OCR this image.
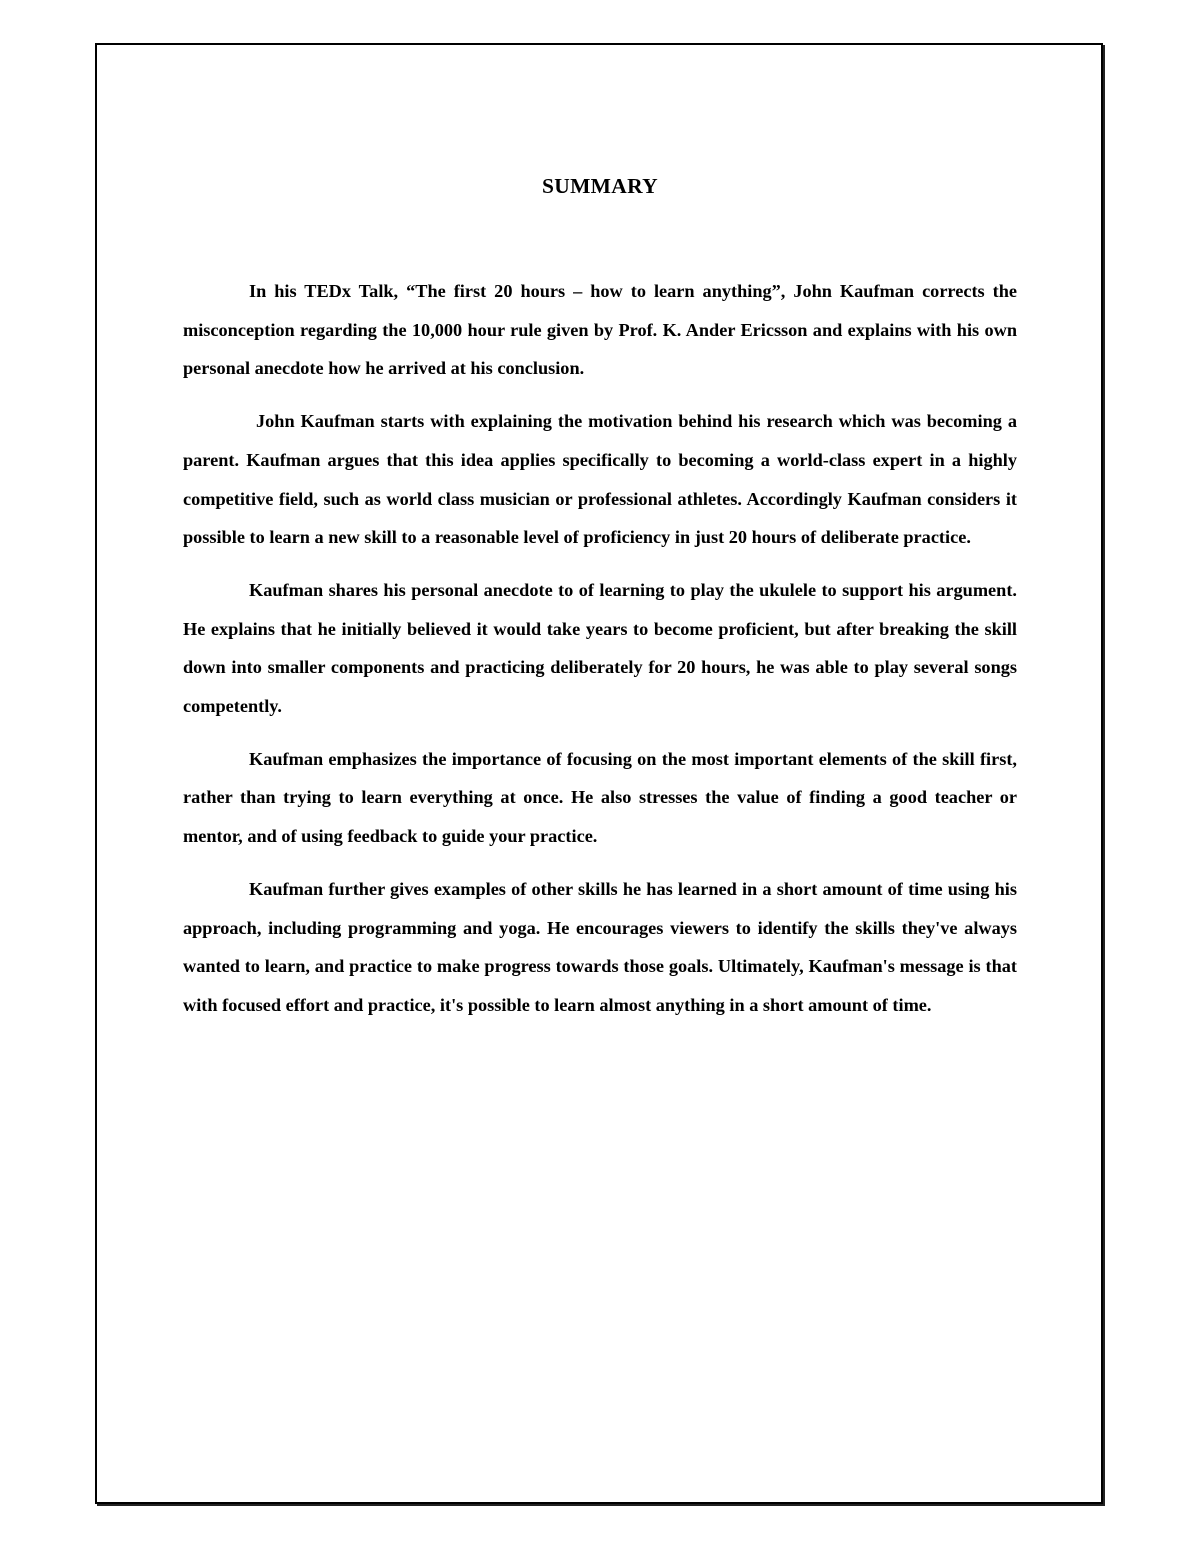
SUMMARY

In his TEDx Talk, “The first 20 hours – how to learn anything”, John Kaufman corrects the misconception regarding the 10,000 hour rule given by Prof. K. Ander Ericsson and explains with his own personal anecdote how he arrived at his conclusion.

John Kaufman starts with explaining the motivation behind his research which was becoming a parent. Kaufman argues that this idea applies specifically to becoming a world-class expert in a highly competitive field, such as world class musician or professional athletes. Accordingly Kaufman considers it possible to learn a new skill to a reasonable level of proficiency in just 20 hours of deliberate practice.

Kaufman shares his personal anecdote to of learning to play the ukulele to support his argument. He explains that he initially believed it would take years to become proficient, but after breaking the skill down into smaller components and practicing deliberately for 20 hours, he was able to play several songs competently.

Kaufman emphasizes the importance of focusing on the most important elements of the skill first, rather than trying to learn everything at once. He also stresses the value of finding a good teacher or mentor, and of using feedback to guide your practice.

Kaufman further gives examples of other skills he has learned in a short amount of time using his approach, including programming and yoga. He encourages viewers to identify the skills they've always wanted to learn, and practice to make progress towards those goals. Ultimately, Kaufman's message is that with focused effort and practice, it's possible to learn almost anything in a short amount of time.
